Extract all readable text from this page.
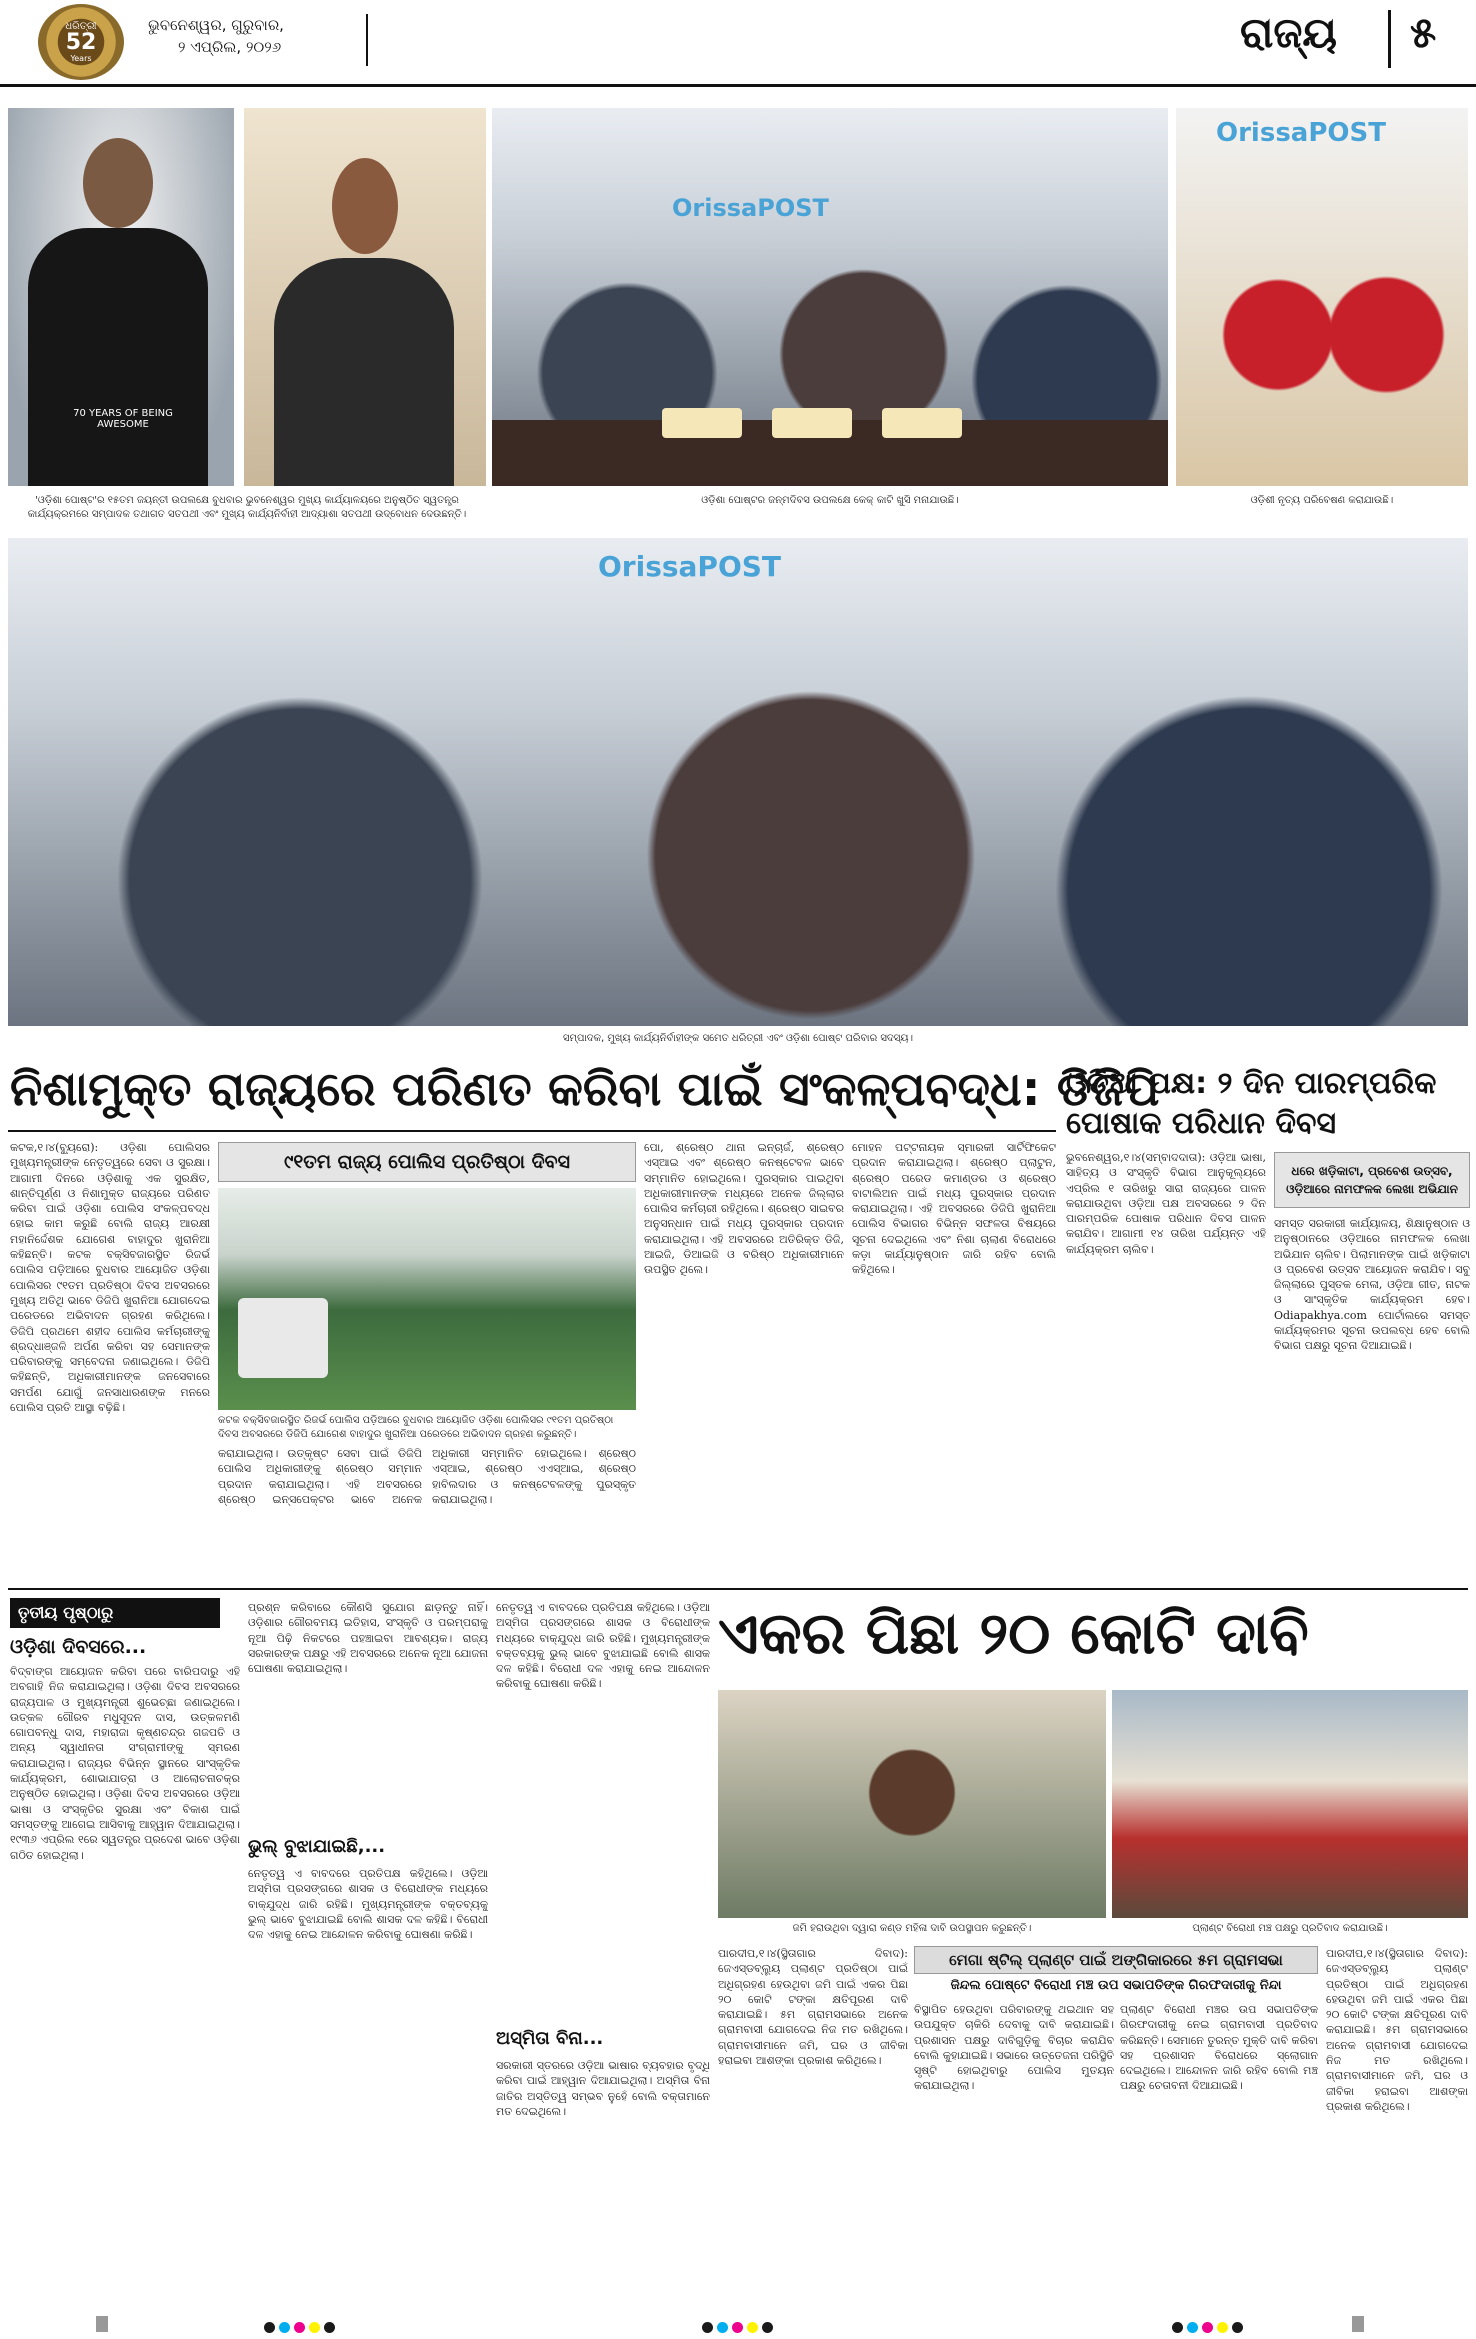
ଧରିତ୍ରୀ
52
Years
ଭୁବନେଶ୍ୱର, ଗୁରୁବାର,
୨ ଏପ୍ରିଲ, ୨୦୨୬	ରାଜ୍ୟ ୫
70 YEARS OF BEING AWESOME
OrissaPOST
OrissaPOST
'ଓଡ଼ିଶା ପୋଷ୍ଟ'ର ୧୫ତମ ଜୟନ୍ତୀ ଉପଲକ୍ଷେ ବୁଧବାର ଭୁବନେଶ୍ୱର ମୁଖ୍ୟ କାର୍ଯ୍ୟାଳୟରେ ଅନୁଷ୍ଠିତ ସ୍ୱତନ୍ତ୍ର କାର୍ଯ୍ୟକ୍ରମରେ ସମ୍ପାଦକ ତଥାଗତ ସତପଥୀ ଏବଂ ମୁଖ୍ୟ କାର୍ଯ୍ୟନିର୍ବାହୀ ଆଦ୍ୟାଶା ସତପଥୀ ଉଦ୍‌ବୋଧନ ଦେଉଛନ୍ତି।
ଓଡ଼ିଶା ପୋଷ୍ଟର ଜନ୍ମଦିବସ ଉପଲକ୍ଷେ କେକ୍ କାଟି ଖୁସି ମନାଯାଉଛି।	ଓଡ଼ିଶୀ ନୃତ୍ୟ ପରିବେଷଣ କରାଯାଉଛି।
OrissaPOST
ସମ୍ପାଦକ, ମୁଖ୍ୟ କାର୍ଯ୍ୟନିର୍ବାହୀଙ୍କ ସମେତ ଧରିତ୍ରୀ ଏବଂ ଓଡ଼ିଶା ପୋଷ୍ଟ ପରିବାର ସଦସ୍ୟ।
ନିଶାମୁକ୍ତ ରାଜ୍ୟରେ ପରିଣତ କରିବା ପାଇଁ ସଂକଳ୍ପବଦ୍ଧ: ଡିଜିପି
କଟକ,୧।୪(ବ୍ୟୁରୋ): ଓଡ଼ିଶା ପୋଲିସର ମୁଖ୍ୟମନ୍ତ୍ରୀଙ୍କ ନେତୃତ୍ୱରେ ସେବା ଓ ସୁରକ୍ଷା। ଆଗାମୀ ଦିନରେ ଓଡ଼ିଶାକୁ ଏକ ସୁରକ୍ଷିତ, ଶାନ୍ତିପୂର୍ଣ୍ଣ ଓ ନିଶାମୁକ୍ତ ରାଜ୍ୟରେ ପରିଣତ କରିବା ପାଇଁ ଓଡ଼ିଶା ପୋଲିସ ସଂକଳ୍ପବଦ୍ଧ ହୋଇ କାମ କରୁଛି ବୋଲି ରାଜ୍ୟ ଆରକ୍ଷୀ ମହାନିର୍ଦ୍ଦେଶକ ଯୋଗେଶ ବାହାଦୁର ଖୁରାନିଆ କହିଛନ୍ତି। କଟକ ବକ୍ସିବଜାରସ୍ଥିତ ରିଜର୍ଭ ପୋଲିସ ପଡ଼ିଆରେ ବୁଧବାର ଆୟୋଜିତ ଓଡ଼ିଶା ପୋଲିସର ୯୧ତମ ପ୍ରତିଷ୍ଠା ଦିବସ ଅବସରରେ ମୁଖ୍ୟ ଅତିଥି ଭାବେ ଡିଜିପି ଖୁରାନିଆ ଯୋଗଦେଇ ପରେଡରେ ଅଭିବାଦନ ଗ୍ରହଣ କରିଥିଲେ। ଡିଜିପି ପ୍ରଥମେ ଶହୀଦ ପୋଲିସ କର୍ମଚାରୀଙ୍କୁ ଶ୍ରଦ୍ଧାଞ୍ଜଳି ଅର୍ପଣ କରିବା ସହ ସେମାନଙ୍କ ପରିବାରଙ୍କୁ ସମ୍ବେଦନା ଜଣାଇଥିଲେ। ଡିଜିପି କହିଛନ୍ତି, ଅଧିକାରୀମାନଙ୍କ ଜନସେବାରେ ସମର୍ପଣ ଯୋଗୁଁ ଜନସାଧାରଣଙ୍କ ମନରେ ପୋଲିସ ପ୍ରତି ଆସ୍ଥା ବଢ଼ିଛି।
୯୧ତମ ରାଜ୍ୟ ପୋଲିସ ପ୍ରତିଷ୍ଠା ଦିବସ
କଟକ ବକ୍ସିବଜାରସ୍ଥିତ ରିଜର୍ଭ ପୋଲିସ ପଡ଼ିଆରେ ବୁଧବାର ଆୟୋଜିତ ଓଡ଼ିଶା ପୋଲିସର ୯୧ତମ ପ୍ରତିଷ୍ଠା ଦିବସ ଅବସରରେ ଡିଜିପି ଯୋଗେଶ ବାହାଦୁର ଖୁରାନିଆ ପରେଡରେ ଅଭିବାଦନ ଗ୍ରହଣ କରୁଛନ୍ତି।
କରାଯାଇଥିଲା। ଉତ୍କୃଷ୍ଟ ସେବା ପାଇଁ ଡିଜିପି ପୋଲିସ ଅଧିକାରୀଙ୍କୁ ଶ୍ରେଷ୍ଠ ସମ୍ମାନ ପ୍ରଦାନ କରାଯାଇଥିଲା। ଏହି ଅବସରରେ ଶ୍ରେଷ୍ଠ ଇନ୍‌ସପେକ୍ଟର ଭାବେ ଅନେକ ଅଧିକାରୀ ସମ୍ମାନିତ ହୋଇଥିଲେ। ଶ୍ରେଷ୍ଠ ଏସ୍‌ଆଇ, ଶ୍ରେଷ୍ଠ ଏଏସ୍‌ଆଇ, ଶ୍ରେଷ୍ଠ ହାବିଲଦାର ଓ କନଷ୍ଟେବଳଙ୍କୁ ପୁରସ୍କୃତ କରାଯାଇଥିଲା।
ପୋ, ଶ୍ରେଷ୍ଠ ଥାନା ଇନ୍‌ଚାର୍ଜ, ଶ୍ରେଷ୍ଠ ଏସ୍‌ଆଇ ଏବଂ ଶ୍ରେଷ୍ଠ କନଷ୍ଟେବଳ ଭାବେ ସମ୍ମାନିତ ହୋଇଥିଲେ। ପୁରସ୍କାର ପାଇଥିବା ଅଧିକାରୀମାନଙ୍କ ମଧ୍ୟରେ ଅନେକ ଜିଲ୍ଲାର ପୋଲିସ କର୍ମଚାରୀ ରହିଥିଲେ। ଶ୍ରେଷ୍ଠ ସାଇବର ଅନୁସନ୍ଧାନ ପାଇଁ ମଧ୍ୟ ପୁରସ୍କାର ପ୍ରଦାନ କରାଯାଇଥିଲା। ଏହି ଅବସରରେ ଅତିରିକ୍ତ ଡିଜି, ଆଇଜି, ଡିଆଇଜି ଓ ବରିଷ୍ଠ ଅଧିକାରୀମାନେ ଉପସ୍ଥିତ ଥିଲେ।
ମୋହନ ପଟ୍ଟନାୟକ ସ୍ମାରକୀ ସାର୍ଟିଫିକେଟ ପ୍ରଦାନ କରାଯାଇଥିଲା। ଶ୍ରେଷ୍ଠ ପ୍ଲାଟୁନ, ଶ୍ରେଷ୍ଠ ପରେଡ କମାଣ୍ଡର ଓ ଶ୍ରେଷ୍ଠ ବାଟାଲିଅନ ପାଇଁ ମଧ୍ୟ ପୁରସ୍କାର ପ୍ରଦାନ କରାଯାଇଥିଲା। ଏହି ଅବସରରେ ଡିଜିପି ଖୁରାନିଆ ପୋଲିସ ବିଭାଗର ବିଭିନ୍ନ ସଫଳତା ବିଷୟରେ ସୂଚନା ଦେଇଥିଲେ ଏବଂ ନିଶା ଚାଲାଣ ବିରୋଧରେ କଡ଼ା କାର୍ଯ୍ୟାନୁଷ୍ଠାନ ଜାରି ରହିବ ବୋଲି କହିଥିଲେ।
ଓଡ଼ିଆ ପକ୍ଷ: ୨ ଦିନ ପାରମ୍ପରିକ ପୋଷାକ ପରିଧାନ ଦିବସ
ଭୁବନେଶ୍ୱର,୧।୪(ସମ୍ବାଦଦାତା): ଓଡ଼ିଆ ଭାଷା, ସାହିତ୍ୟ ଓ ସଂସ୍କୃତି ବିଭାଗ ଆନୁକୂଲ୍ୟରେ ଏପ୍ରିଲ ୧ ତାରିଖରୁ ସାରା ରାଜ୍ୟରେ ପାଳନ କରାଯାଉଥିବା ଓଡ଼ିଆ ପକ୍ଷ ଅବସରରେ ୨ ଦିନ ପାରମ୍ପରିକ ପୋଷାକ ପରିଧାନ ଦିବସ ପାଳନ କରାଯିବ। ଆଗାମୀ ୧୪ ତାରିଖ ପର୍ଯ୍ୟନ୍ତ ଏହି କାର୍ଯ୍ୟକ୍ରମ ଚାଲିବ।
ଧରେ ଖଡ଼ିକାଟା, ପ୍ରବେଶ ଉତ୍ସବ, ଓଡ଼ିଆରେ ନାମଫଳକ ଲେଖା ଅଭିଯାନ
ସମସ୍ତ ସରକାରୀ କାର୍ଯ୍ୟାଳୟ, ଶିକ୍ଷାନୁଷ୍ଠାନ ଓ ଅନୁଷ୍ଠାନରେ ଓଡ଼ିଆରେ ନାମଫଳକ ଲେଖା ଅଭିଯାନ ଚାଲିବ। ପିଲାମାନଙ୍କ ପାଇଁ ଖଡ଼ିକାଟା ଓ ପ୍ରବେଶ ଉତ୍ସବ ଆୟୋଜନ କରାଯିବ। ସବୁ ଜିଲ୍ଲାରେ ପୁସ୍ତକ ମେଳା, ଓଡ଼ିଆ ଗୀତ, ନାଟକ ଓ ସାଂସ୍କୃତିକ କାର୍ଯ୍ୟକ୍ରମ ହେବ। Odiapakhya.com ପୋର୍ଟାଲରେ ସମସ୍ତ କାର୍ଯ୍ୟକ୍ରମର ସୂଚନା ଉପଲବ୍ଧ ହେବ ବୋଲି ବିଭାଗ ପକ୍ଷରୁ ସୂଚନା ଦିଆଯାଇଛି।
ତୃତୀୟ ପୃଷ୍ଠାରୁ
ଓଡ଼ିଶା ଦିବସରେ...
ବିଦ୍ବାଙ୍ଗ ଆୟୋଜନ କରିବା ପରେ ବାରିପଦାରୁ ଏହି ଅବଗାହି ନିଜ କରାଯାଇଥିଲା। ଓଡ଼ିଶା ଦିବସ ଅବସରରେ ରାଜ୍ୟପାଳ ଓ ମୁଖ୍ୟମନ୍ତ୍ରୀ ଶୁଭେଚ୍ଛା ଜଣାଇଥିଲେ। ଉତ୍କଳ ଗୌରବ ମଧୁସୂଦନ ଦାସ, ଉତ୍କଳମଣି ଗୋପବନ୍ଧୁ ଦାସ, ମହାରାଜା କୃଷ୍ଣଚନ୍ଦ୍ର ଗଜପତି ଓ ଅନ୍ୟ ସ୍ୱାଧୀନତା ସଂଗ୍ରାମୀଙ୍କୁ ସ୍ମରଣ କରାଯାଇଥିଲା। ରାଜ୍ୟର ବିଭିନ୍ନ ସ୍ଥାନରେ ସାଂସ୍କୃତିକ କାର୍ଯ୍ୟକ୍ରମ, ଶୋଭାଯାତ୍ରା ଓ ଆଲୋଚନାଚକ୍ର ଅନୁଷ୍ଠିତ ହୋଇଥିଲା। ଓଡ଼ିଶା ଦିବସ ଅବସରରେ ଓଡ଼ିଆ ଭାଷା ଓ ସଂସ୍କୃତିର ସୁରକ୍ଷା ଏବଂ ବିକାଶ ପାଇଁ ସମସ୍ତଙ୍କୁ ଆଗେଇ ଆସିବାକୁ ଆହ୍ୱାନ ଦିଆଯାଇଥିଲା। ୧୯୩୬ ଏପ୍ରିଲ ୧ରେ ସ୍ୱତନ୍ତ୍ର ପ୍ରଦେଶ ଭାବେ ଓଡ଼ିଶା ଗଠିତ ହୋଇଥିଲା।
ପ୍ରଶ୍ନ କରିବାରେ କୌଣସି ସୁଯୋଗ ଛାଡ଼ନ୍ତୁ ନାହିଁ। ଓଡ଼ିଶାର ଗୌରବମୟ ଇତିହାସ, ସଂସ୍କୃତି ଓ ପରମ୍ପରାକୁ ନୂଆ ପିଢ଼ି ନିକଟରେ ପହଞ୍ଚାଇବା ଆବଶ୍ୟକ। ରାଜ୍ୟ ସରକାରଙ୍କ ପକ୍ଷରୁ ଏହି ଅବସରରେ ଅନେକ ନୂଆ ଯୋଜନା ଘୋଷଣା କରାଯାଇଥିଲା।
ଭୁଲ୍ ବୁଝାଯାଇଛି,...
ନେତୃତ୍ୱ ଏ ବାବଦରେ ପ୍ରତିପକ୍ଷ କହିଥିଲେ। ଓଡ଼ିଆ ଅସ୍ମିତା ପ୍ରସଙ୍ଗରେ ଶାସକ ଓ ବିରୋଧୀଙ୍କ ମଧ୍ୟରେ ବାକ୍‌ଯୁଦ୍ଧ ଜାରି ରହିଛି। ମୁଖ୍ୟମନ୍ତ୍ରୀଙ୍କ ବକ୍ତବ୍ୟକୁ ଭୁଲ୍ ଭାବେ ବୁଝାଯାଇଛି ବୋଲି ଶାସକ ଦଳ କହିଛି। ବିରୋଧୀ ଦଳ ଏହାକୁ ନେଇ ଆନ୍ଦୋଳନ କରିବାକୁ ଘୋଷଣା କରିଛି।
ନେତୃତ୍ୱ ଏ ବାବଦରେ ପ୍ରତିପକ୍ଷ କହିଥିଲେ। ଓଡ଼ିଆ ଅସ୍ମିତା ପ୍ରସଙ୍ଗରେ ଶାସକ ଓ ବିରୋଧୀଙ୍କ ମଧ୍ୟରେ ବାକ୍‌ଯୁଦ୍ଧ ଜାରି ରହିଛି। ମୁଖ୍ୟମନ୍ତ୍ରୀଙ୍କ ବକ୍ତବ୍ୟକୁ ଭୁଲ୍ ଭାବେ ବୁଝାଯାଇଛି ବୋଲି ଶାସକ ଦଳ କହିଛି। ବିରୋଧୀ ଦଳ ଏହାକୁ ନେଇ ଆନ୍ଦୋଳନ କରିବାକୁ ଘୋଷଣା କରିଛି।
ଅସ୍ମିତା ବିନା...
ସରକାରୀ ସ୍ତରରେ ଓଡ଼ିଆ ଭାଷାର ବ୍ୟବହାର ବୃଦ୍ଧି କରିବା ପାଇଁ ଆହ୍ୱାନ ଦିଆଯାଇଥିଲା। ଅସ୍ମିତା ବିନା ଜାତିର ଅସ୍ତିତ୍ୱ ସମ୍ଭବ ନୁହେଁ ବୋଲି ବକ୍ତାମାନେ ମତ ଦେଇଥିଲେ।
ଏକର ପିଛା ୨୦ କୋଟି ଦାବି
ଜମି ହରାଉଥିବା ଦ୍ୱାରା କଣ୍ଡ ମହିଳା ଦାବି ଉପସ୍ଥାପନ କରୁଛନ୍ତି।	ପ୍ଲାଣ୍ଟ ବିରୋଧୀ ମଞ୍ଚ ପକ୍ଷରୁ ପ୍ରତିବାଦ କରାଯାଉଛି।
ପାରଦୀପ,୧।୪(ସ୍ଥିତାଗାର ଦିବାଦ): ଜେଏସ୍‌ଡବ୍ଲ୍ୟୁ ପ୍ଲାଣ୍ଟ ପ୍ରତିଷ୍ଠା ପାଇଁ ଅଧିଗ୍ରହଣ ହେଉଥିବା ଜମି ପାଇଁ ଏକର ପିଛା ୨୦ କୋଟି ଟଙ୍କା କ୍ଷତିପୂରଣ ଦାବି କରାଯାଇଛି। ୫ମ ଗ୍ରାମସଭାରେ ଅନେକ ଗ୍ରାମବାସୀ ଯୋଗଦେଇ ନିଜ ମତ ରଖିଥିଲେ। ଗ୍ରାମବାସୀମାନେ ଜମି, ଘର ଓ ଜୀବିକା ହରାଇବା ଆଶଙ୍କା ପ୍ରକାଶ କରିଥିଲେ।
ମେଗା ଷ୍ଟିଲ୍ ପ୍ଲାଣ୍ଟ ପାଇଁ ଅଙ୍ଗିକାରରେ ୫ମ ଗ୍ରାମସଭା
ଜିନ୍ଦଲ ପୋଷ୍ଟେ ବିରୋଧୀ ମଞ୍ଚ ଉପ ସଭାପତିଙ୍କ ଗିରଫଦାରୀକୁ ନିନ୍ଦା
ବିସ୍ଥାପିତ ହେଉଥିବା ପରିବାରଙ୍କୁ ଥଇଥାନ ସହ ଉପଯୁକ୍ତ ଚାକିରି ଦେବାକୁ ଦାବି କରାଯାଇଛି। ପ୍ରଶାସନ ପକ୍ଷରୁ ଦାବିଗୁଡ଼ିକୁ ବିଚାର କରାଯିବ ବୋଲି କୁହାଯାଇଛି। ସଭାରେ ଉତ୍ତେଜନା ପରିସ୍ଥିତି ସୃଷ୍ଟି ହୋଇଥିବାରୁ ପୋଲିସ ମୁତୟନ କରାଯାଇଥିଲା।
ପ୍ଲାଣ୍ଟ ବିରୋଧୀ ମଞ୍ଚର ଉପ ସଭାପତିଙ୍କ ଗିରଫଦାରୀକୁ ନେଇ ଗ୍ରାମବାସୀ ପ୍ରତିବାଦ କରିଛନ୍ତି। ସେମାନେ ତୁରନ୍ତ ମୁକ୍ତି ଦାବି କରିବା ସହ ପ୍ରଶାସନ ବିରୋଧରେ ସ୍ଲୋଗାନ ଦେଇଥିଲେ। ଆନ୍ଦୋଳନ ଜାରି ରହିବ ବୋଲି ମଞ୍ଚ ପକ୍ଷରୁ ଚେତାବନୀ ଦିଆଯାଇଛି।
ପାରଦୀପ,୧।୪(ସ୍ଥିତାଗାର ଦିବାଦ): ଜେଏସ୍‌ଡବ୍ଲ୍ୟୁ ପ୍ଲାଣ୍ଟ ପ୍ରତିଷ୍ଠା ପାଇଁ ଅଧିଗ୍ରହଣ ହେଉଥିବା ଜମି ପାଇଁ ଏକର ପିଛା ୨୦ କୋଟି ଟଙ୍କା କ୍ଷତିପୂରଣ ଦାବି କରାଯାଇଛି। ୫ମ ଗ୍ରାମସଭାରେ ଅନେକ ଗ୍ରାମବାସୀ ଯୋଗଦେଇ ନିଜ ମତ ରଖିଥିଲେ। ଗ୍ରାମବାସୀମାନେ ଜମି, ଘର ଓ ଜୀବିକା ହରାଇବା ଆଶଙ୍କା ପ୍ରକାଶ କରିଥିଲେ।
